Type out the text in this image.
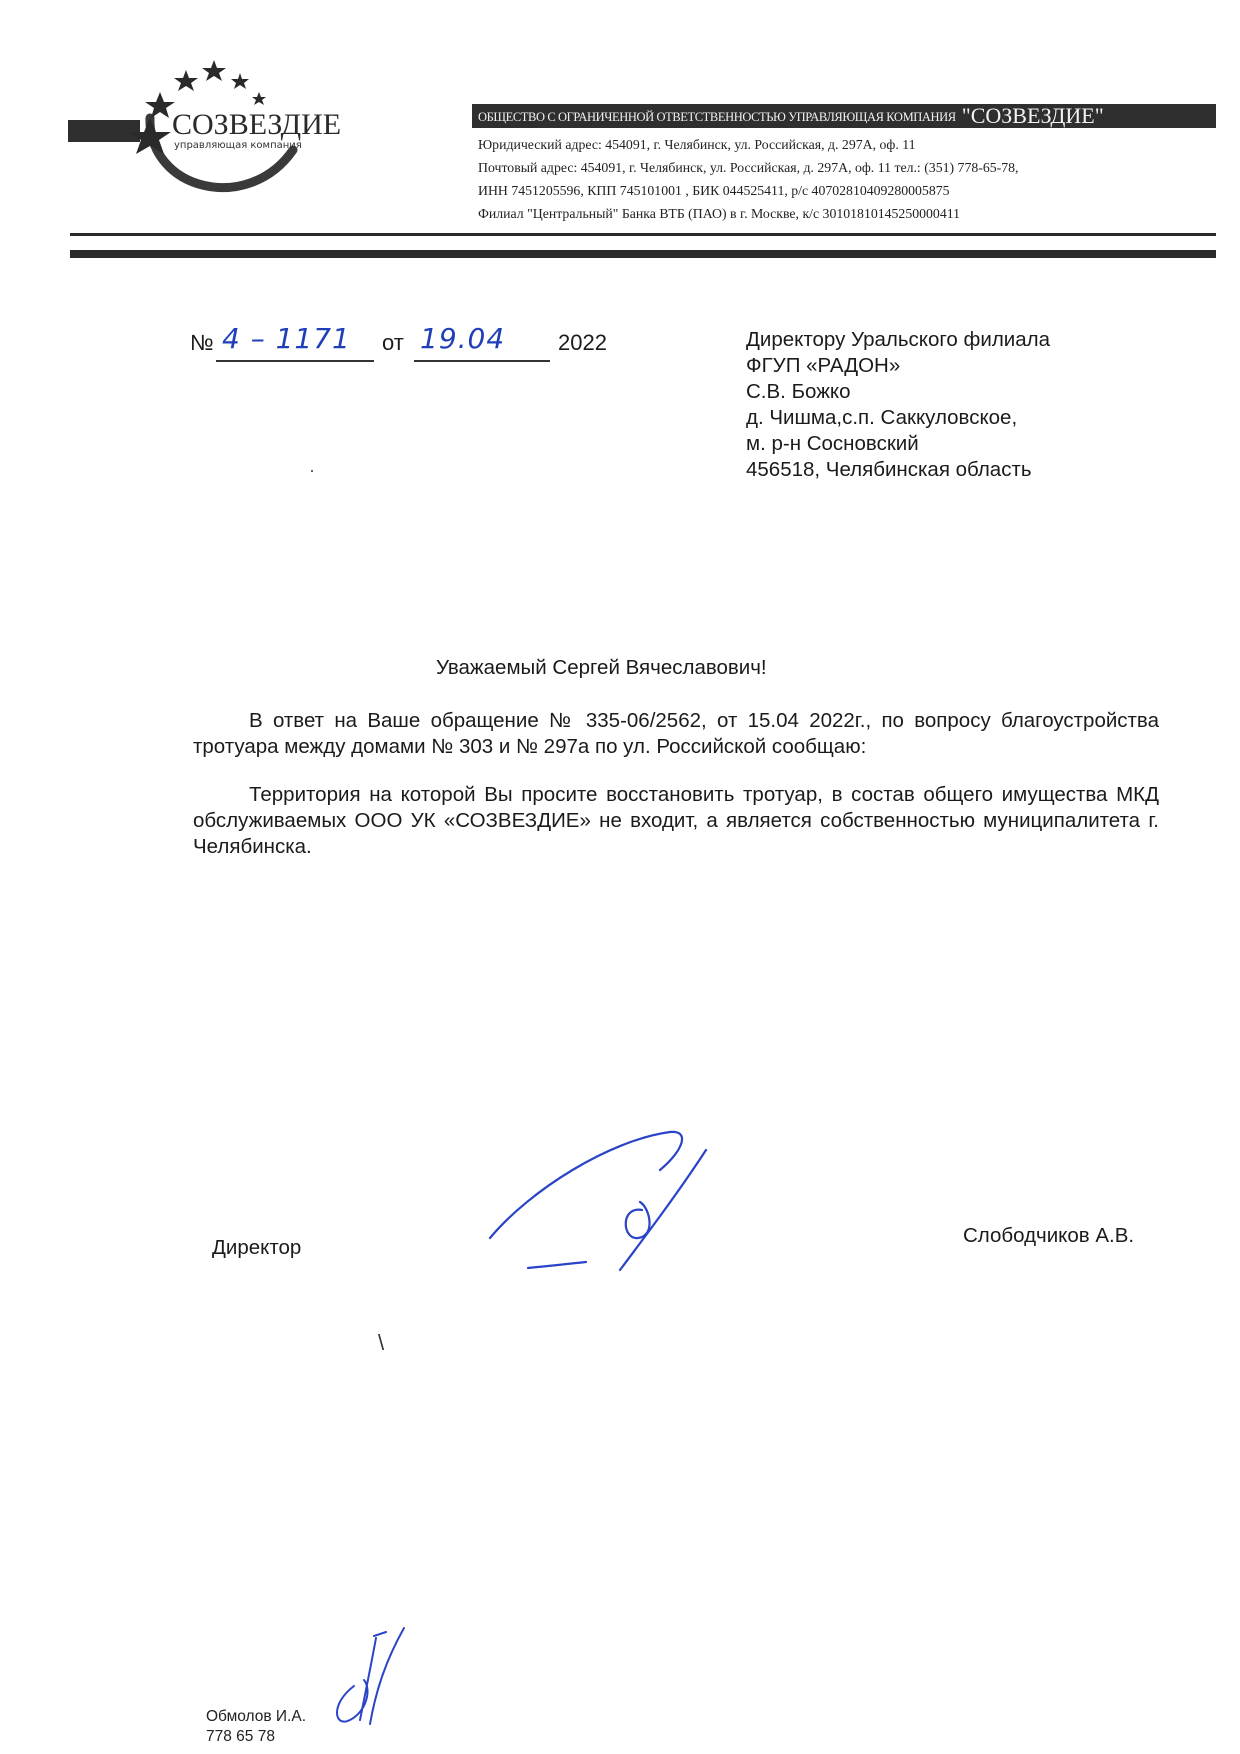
СОЗВЕЗДИЕ
управляющая компания
ОБЩЕСТВО С ОГРАНИЧЕННОЙ ОТВЕТСТВЕННОСТЬЮ УПРАВЛЯЮЩАЯ КОМПАНИЯ "СОЗВЕЗДИЕ"
Юридический адрес: 454091, г. Челябинск, ул. Российская, д. 297А, оф. 11
Почтовый адрес: 454091, г. Челябинск, ул. Российская, д. 297А, оф. 11 тел.: (351) 778-65-78,
ИНН 7451205596, КПП 745101001 , БИК 044525411, р/с 40702810409280005875
Филиал "Центральный" Банка ВТБ (ПАО) в г. Москве, к/с 30101810145250000411
№ 4 – 1171 от 19.04 2022	Директору Уральского филиала
ФГУП «РАДОН»
С.В. Божко
д. Чишма,с.п. Саккуловское,
м. р-н Сосновский
456518, Челябинская область
Уважаемый Сергей Вячеславович!

В ответ на Ваше обращение № 335-06/2562, от 15.04 2022г., по вопросу благоустройства тротуара между домами № 303 и № 297а по ул. Российской сообщаю:

Территория на которой Вы просите восстановить тротуар, в состав общего имущества МКД обслуживаемых ООО УК «СОЗВЕЗДИЕ» не входит, а является собственностью муниципалитета г. Челябинска.

Директор
Слободчиков А.В.
\
Обмолов И.А.
778 65 78
